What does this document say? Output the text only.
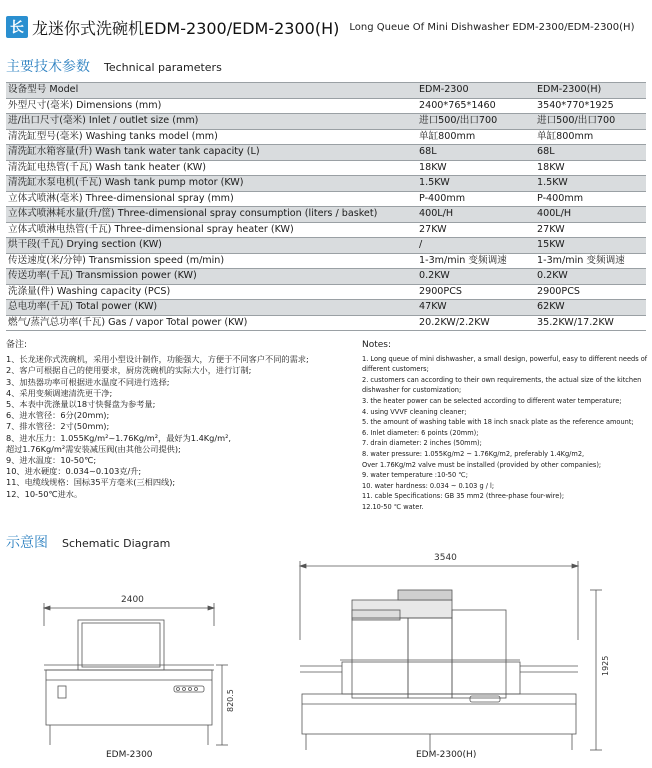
长 龙迷你式洗碗机EDM-2300/EDM-2300(H) Long Queue Of Mini Dishwasher EDM-2300/EDM-2300(H)
主要技术参数 Technical parameters
设备型号 Model	EDM-2300	EDM-2300(H)
外型尺寸(毫米) Dimensions (mm)	2400*765*1460	3540*770*1925
进/出口尺寸(毫米) Inlet / outlet size (mm)	进口500/出口700	进口500/出口700
清洗缸型号(毫米) Washing tanks model (mm)	单缸800mm	单缸800mm
清洗缸水箱容量(升) Wash tank water tank capacity (L)	68L	68L
清洗缸电热管(千瓦) Wash tank heater (KW)	18KW	18KW
清洗缸水泵电机(千瓦) Wash tank pump motor (KW)	1.5KW	1.5KW
立体式喷淋(毫米) Three-dimensional spray (mm)	P-400mm	P-400mm
立体式喷淋耗水量(升/筐) Three-dimensional spray consumption (liters / basket)	400L/H	400L/H
立体式喷淋电热管(千瓦) Three-dimensional spray heater (KW)	27KW	27KW
烘干段(千瓦) Drying section (KW)	/	15KW
传送速度(米/分钟) Transmission speed (m/min)	1-3m/min 变频调速	1-3m/min 变频调速
传送功率(千瓦) Transmission power (KW)	0.2KW	0.2KW
洗涤量(件) Washing capacity (PCS)	2900PCS	2900PCS
总电功率(千瓦) Total power (KW)	47KW	62KW
燃气/蒸汽总功率(千瓦) Gas / vapor Total power (KW)	20.2KW/2.2KW	35.2KW/17.2KW
备注:
1、长龙迷你式洗碗机，采用小型设计制作，功能强大，方便于不同客户不同的需求;
2、客户可根据自己的使用要求，厨房洗碗机的实际大小，进行订制;
3、加热器功率可根据进水温度不同进行选择;
4、采用变频调速清洗更干净;
5、本表中洗涤量以18寸快餐盘为参考量;
6、进水管径：6分(20mm);
7、排水管径：2寸(50mm);
8、进水压力：1.055Kg/m²~1.76Kg/m²，最好为1.4Kg/m²,
超过1.76Kg/m²需安装减压阀(由其他公司提供);
9、进水温度：10-50℃;
10、进水硬度：0.034~0.103克/升;
11、电缆线规格：国标35平方毫米(三相四线);
12、10-50℃进水。
Notes:
1. Long queue of mini dishwasher, a small design, powerful, easy to different needs of different customers;
2. customers can according to their own requirements, the actual size of the kitchen dishwasher for customization;
3. the heater power can be selected according to different water temperature;
4. using VVVF cleaning cleaner;
5. the amount of washing table with 18 inch snack plate as the reference amount;
6. Inlet diameter: 6 points (20mm);
7. drain diameter: 2 inches (50mm);
8. water pressure: 1.055Kg/m2 ~ 1.76Kg/m2, preferably 1.4Kg/m2,
Over 1.76Kg/m2 valve must be installed (provided by other companies);
9. water temperature :10-50 ℃;
10. water hardness: 0.034 ~ 0.103 g / l;
11. cable Specifications: GB 35 mm2 (three-phase four-wire);
12.10-50 ℃ water.
示意图 Schematic Diagram
2400
820.5
3540
1925
EDM-2300	EDM-2300(H)
